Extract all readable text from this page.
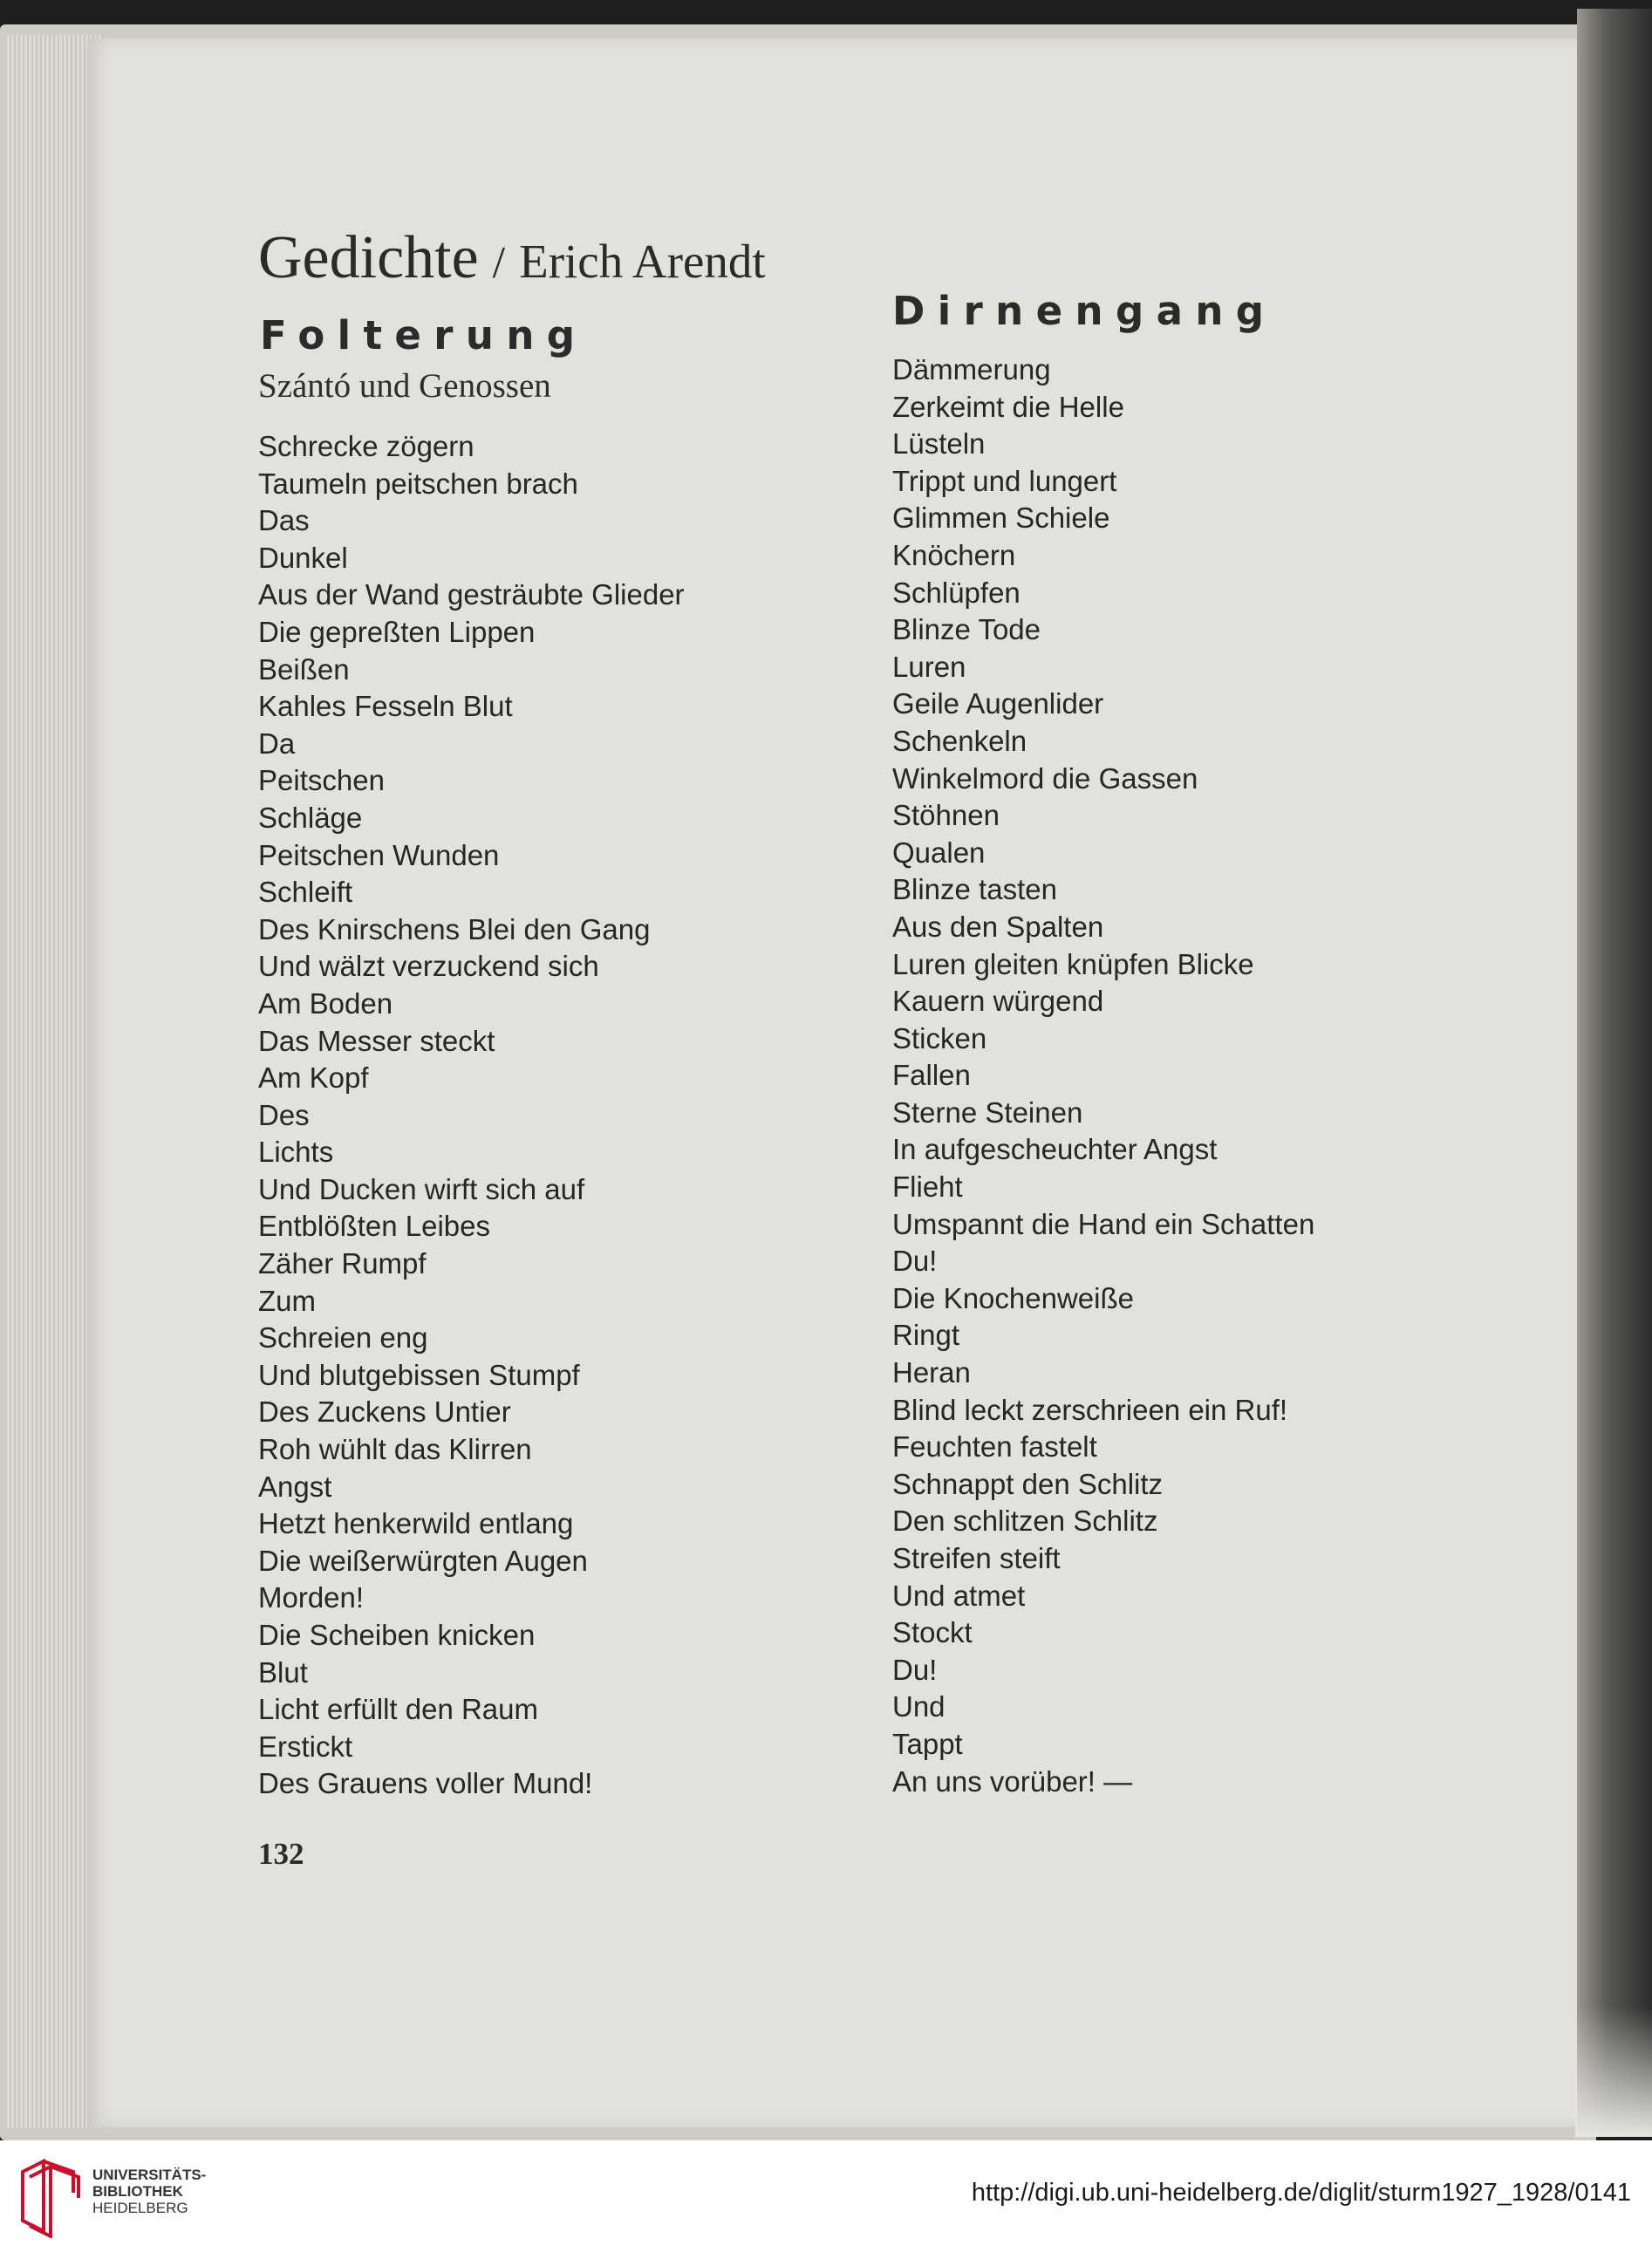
Gedichte / Erich Arendt
Folterung

Szántó und Genossen

Schrecke zögern
Taumeln peitschen brach
Das
Dunkel
Aus der Wand gesträubte Glieder
Die gepreßten Lippen
Beißen
Kahles Fesseln Blut
Da
Peitschen
Schläge
Peitschen Wunden
Schleift
Des Knirschens Blei den Gang
Und wälzt verzuckend sich
Am Boden
Das Messer steckt
Am Kopf
Des
Lichts
Und Ducken wirft sich auf
Entblößten Leibes
Zäher Rumpf
Zum
Schreien eng
Und blutgebissen Stumpf
Des Zuckens Untier
Roh wühlt das Klirren
Angst
Hetzt henkerwild entlang
Die weißerwürgten Augen
Morden!
Die Scheiben knicken
Blut
Licht erfüllt den Raum
Erstickt
Des Grauens voller Mund!
Dirnengang
Dämmerung
Zerkeimt die Helle
Lüsteln
Trippt und lungert
Glimmen Schiele
Knöchern
Schlüpfen
Blinze Tode
Luren
Geile Augenlider
Schenkeln
Winkelmord die Gassen
Stöhnen
Qualen
Blinze tasten
Aus den Spalten
Luren gleiten knüpfen Blicke
Kauern würgend
Sticken
Fallen
Sterne Steinen
In aufgescheuchter Angst
Flieht
Umspannt die Hand ein Schatten
Du!
Die Knochenweiße
Ringt
Heran
Blind leckt zerschrieen ein Ruf!
Feuchten fastelt
Schnappt den Schlitz
Den schlitzen Schlitz
Streifen steift
Und atmet
Stockt
Du!
Und
Tappt
An uns vorüber! —

132

UNIVERSITÄTS-
BIBLIOTHEK
HEIDELBERG

http://digi.ub.uni-heidelberg.de/diglit/sturm1927_1928/0141
